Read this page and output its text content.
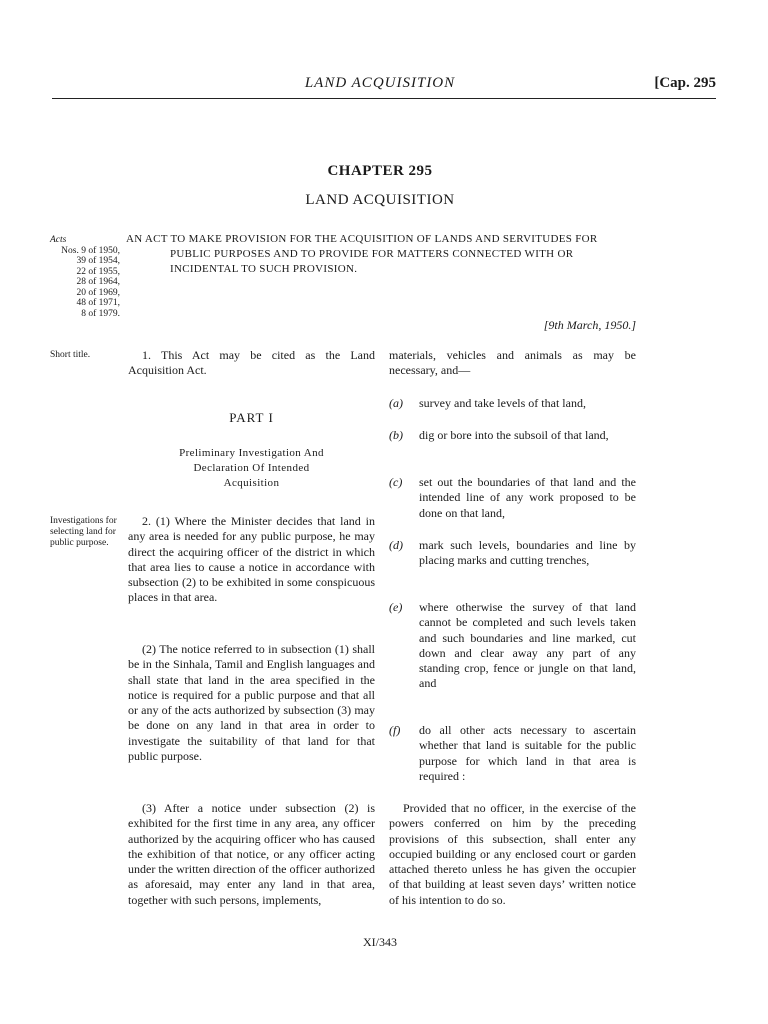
LAND ACQUISITION	[Cap. 295
CHAPTER 295
LAND ACQUISITION
Acts
Nos. 9 of 1950,
39 of 1954,
22 of 1955,
28 of 1964,
20 of 1969,
48 of 1971,
8 of 1979.
AN ACT TO MAKE PROVISION FOR THE ACQUISITION OF LANDS AND SERVITUDES FOR
PUBLIC PURPOSES AND TO PROVIDE FOR MATTERS CONNECTED WITH OR
INCIDENTAL TO SUCH PROVISION.
[9th March, 1950.]
Short title.
Investigations for selecting land for public purpose.
1. This Act may be cited as the Land Acquisition Act.
PART I
Preliminary Investigation And
Declaration Of Intended
Acquisition
2. (1) Where the Minister decides that land in any area is needed for any public purpose, he may direct the acquiring officer of the district in which that area lies to cause a notice in accordance with subsection (2) to be exhibited in some conspicuous places in that area.
(2) The notice referred to in subsection (1) shall be in the Sinhala, Tamil and English languages and shall state that land in the area specified in the notice is required for a public purpose and that all or any of the acts authorized by subsection (3) may be done on any land in that area in order to investigate the suitability of that land for that public purpose.
(3) After a notice under subsection (2) is exhibited for the first time in any area, any officer authorized by the acquiring officer who has caused the exhibition of that notice, or any officer acting under the written direction of the officer authorized as aforesaid, may enter any land in that area, together with such persons, implements,
materials, vehicles and animals as may be necessary, and—
(a) survey and take levels of that land,
(b) dig or bore into the subsoil of that land,
(c) set out the boundaries of that land and the intended line of any work proposed to be done on that land,
(d) mark such levels, boundaries and line by placing marks and cutting trenches,
(e) where otherwise the survey of that land cannot be completed and such levels taken and such boundaries and line marked, cut down and clear away any part of any standing crop, fence or jungle on that land, and
(f) do all other acts necessary to ascertain whether that land is suitable for the public purpose for which land in that area is required :
Provided that no officer, in the exercise of the powers conferred on him by the preceding provisions of this subsection, shall enter any occupied building or any enclosed court or garden attached thereto unless he has given the occupier of that building at least seven days’ written notice of his intention to do so.
XI/343
